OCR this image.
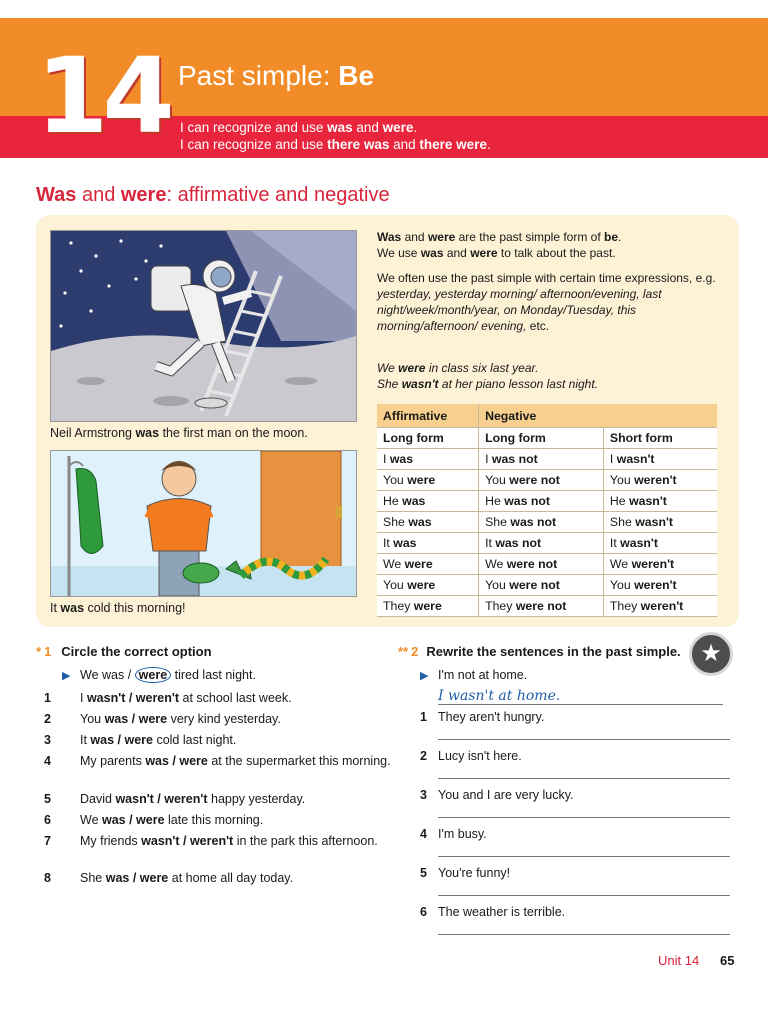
14 Past simple: Be
I can recognize and use was and were.
I can recognize and use there was and there were.
Was and were: affirmative and negative
Neil Armstrong was the first man on the moon.
It was cold this morning!
Was and were are the past simple form of be.
We use was and were to talk about the past.
We often use the past simple with certain time expressions, e.g. yesterday, yesterday morning/ afternoon/evening, last night/week/month/year, on Monday/Tuesday, this morning/afternoon/ evening, etc.
We were in class six last year.
She wasn't at her piano lesson last night.
Affirmative	Negative	
Long form	Long form	Short form
I was	I was not	I wasn't
You were	You were not	You weren't
He was	He was not	He wasn't
She was	She was not	She wasn't
It was	It was not	It wasn't
We were	We were not	We weren't
You were	You were not	You weren't
They were	They were not	They weren't
* 1 Circle the correct option
▶ We was / were tired last night.
1 I wasn't / weren't at school last week.
2 You was / were very kind yesterday.
3 It was / were cold last night.
4 My parents was / were at the supermarket this morning.
5 David wasn't / weren't happy yesterday.
6 We was / were late this morning.
7 My friends wasn't / weren't in the park this afternoon.
8 She was / were at home all day today.
** 2 Rewrite the sentences in the past simple. ★
▶ I'm not at home.
I wasn't at home.
1 They aren't hungry.
2 Lucy isn't here.
3 You and I are very lucky.
4 I'm busy.
5 You're funny!
6 The weather is terrible.
Unit 14 65
